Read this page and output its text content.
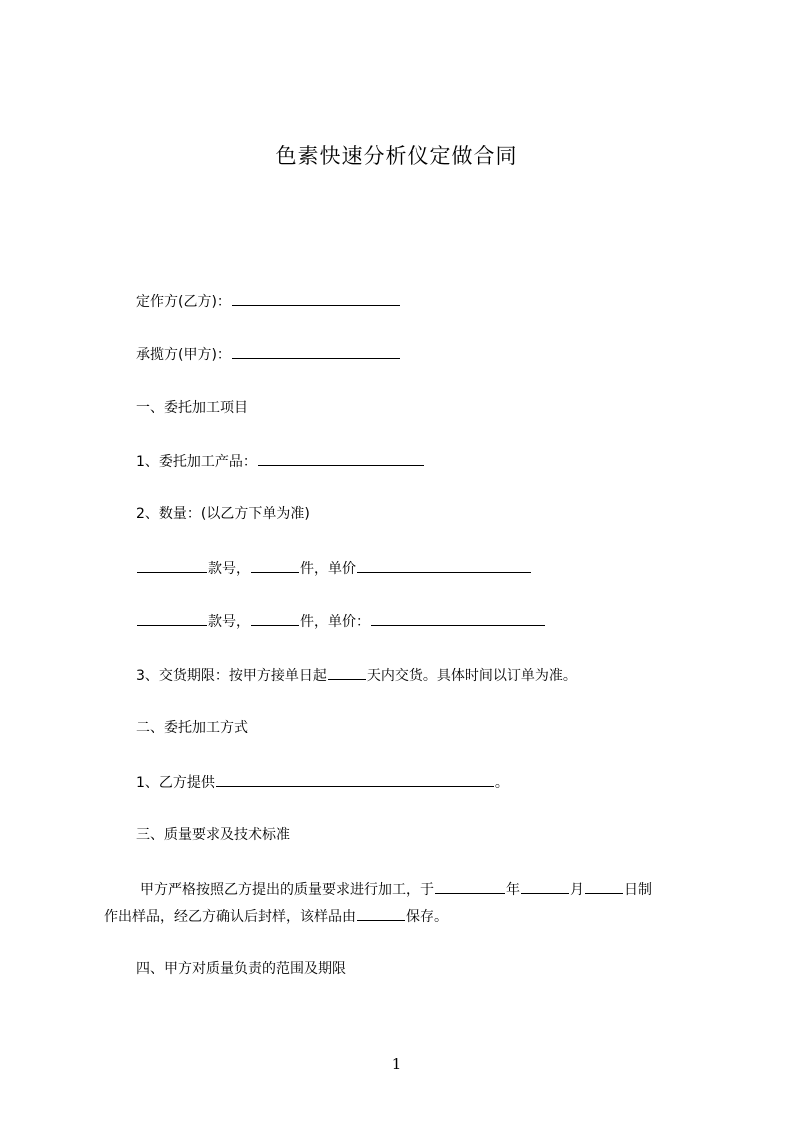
色素快速分析仪定做合同
定作方(乙方)：
承揽方(甲方)：
一、委托加工项目
1、委托加工产品：
2、数量：(以乙方下单为准)
款号，	件，单价
款号，	件，单价：
3、交货期限：按甲方接单日起	天内交货。具体时间以订单为准。
二、委托加工方式
1、乙方提供	。
三、质量要求及技术标准
甲方严格按照乙方提出的质量要求进行加工，于	年	月	日制
作出样品，经乙方确认后封样，该样品由	保存。
四、甲方对质量负责的范围及期限
1
